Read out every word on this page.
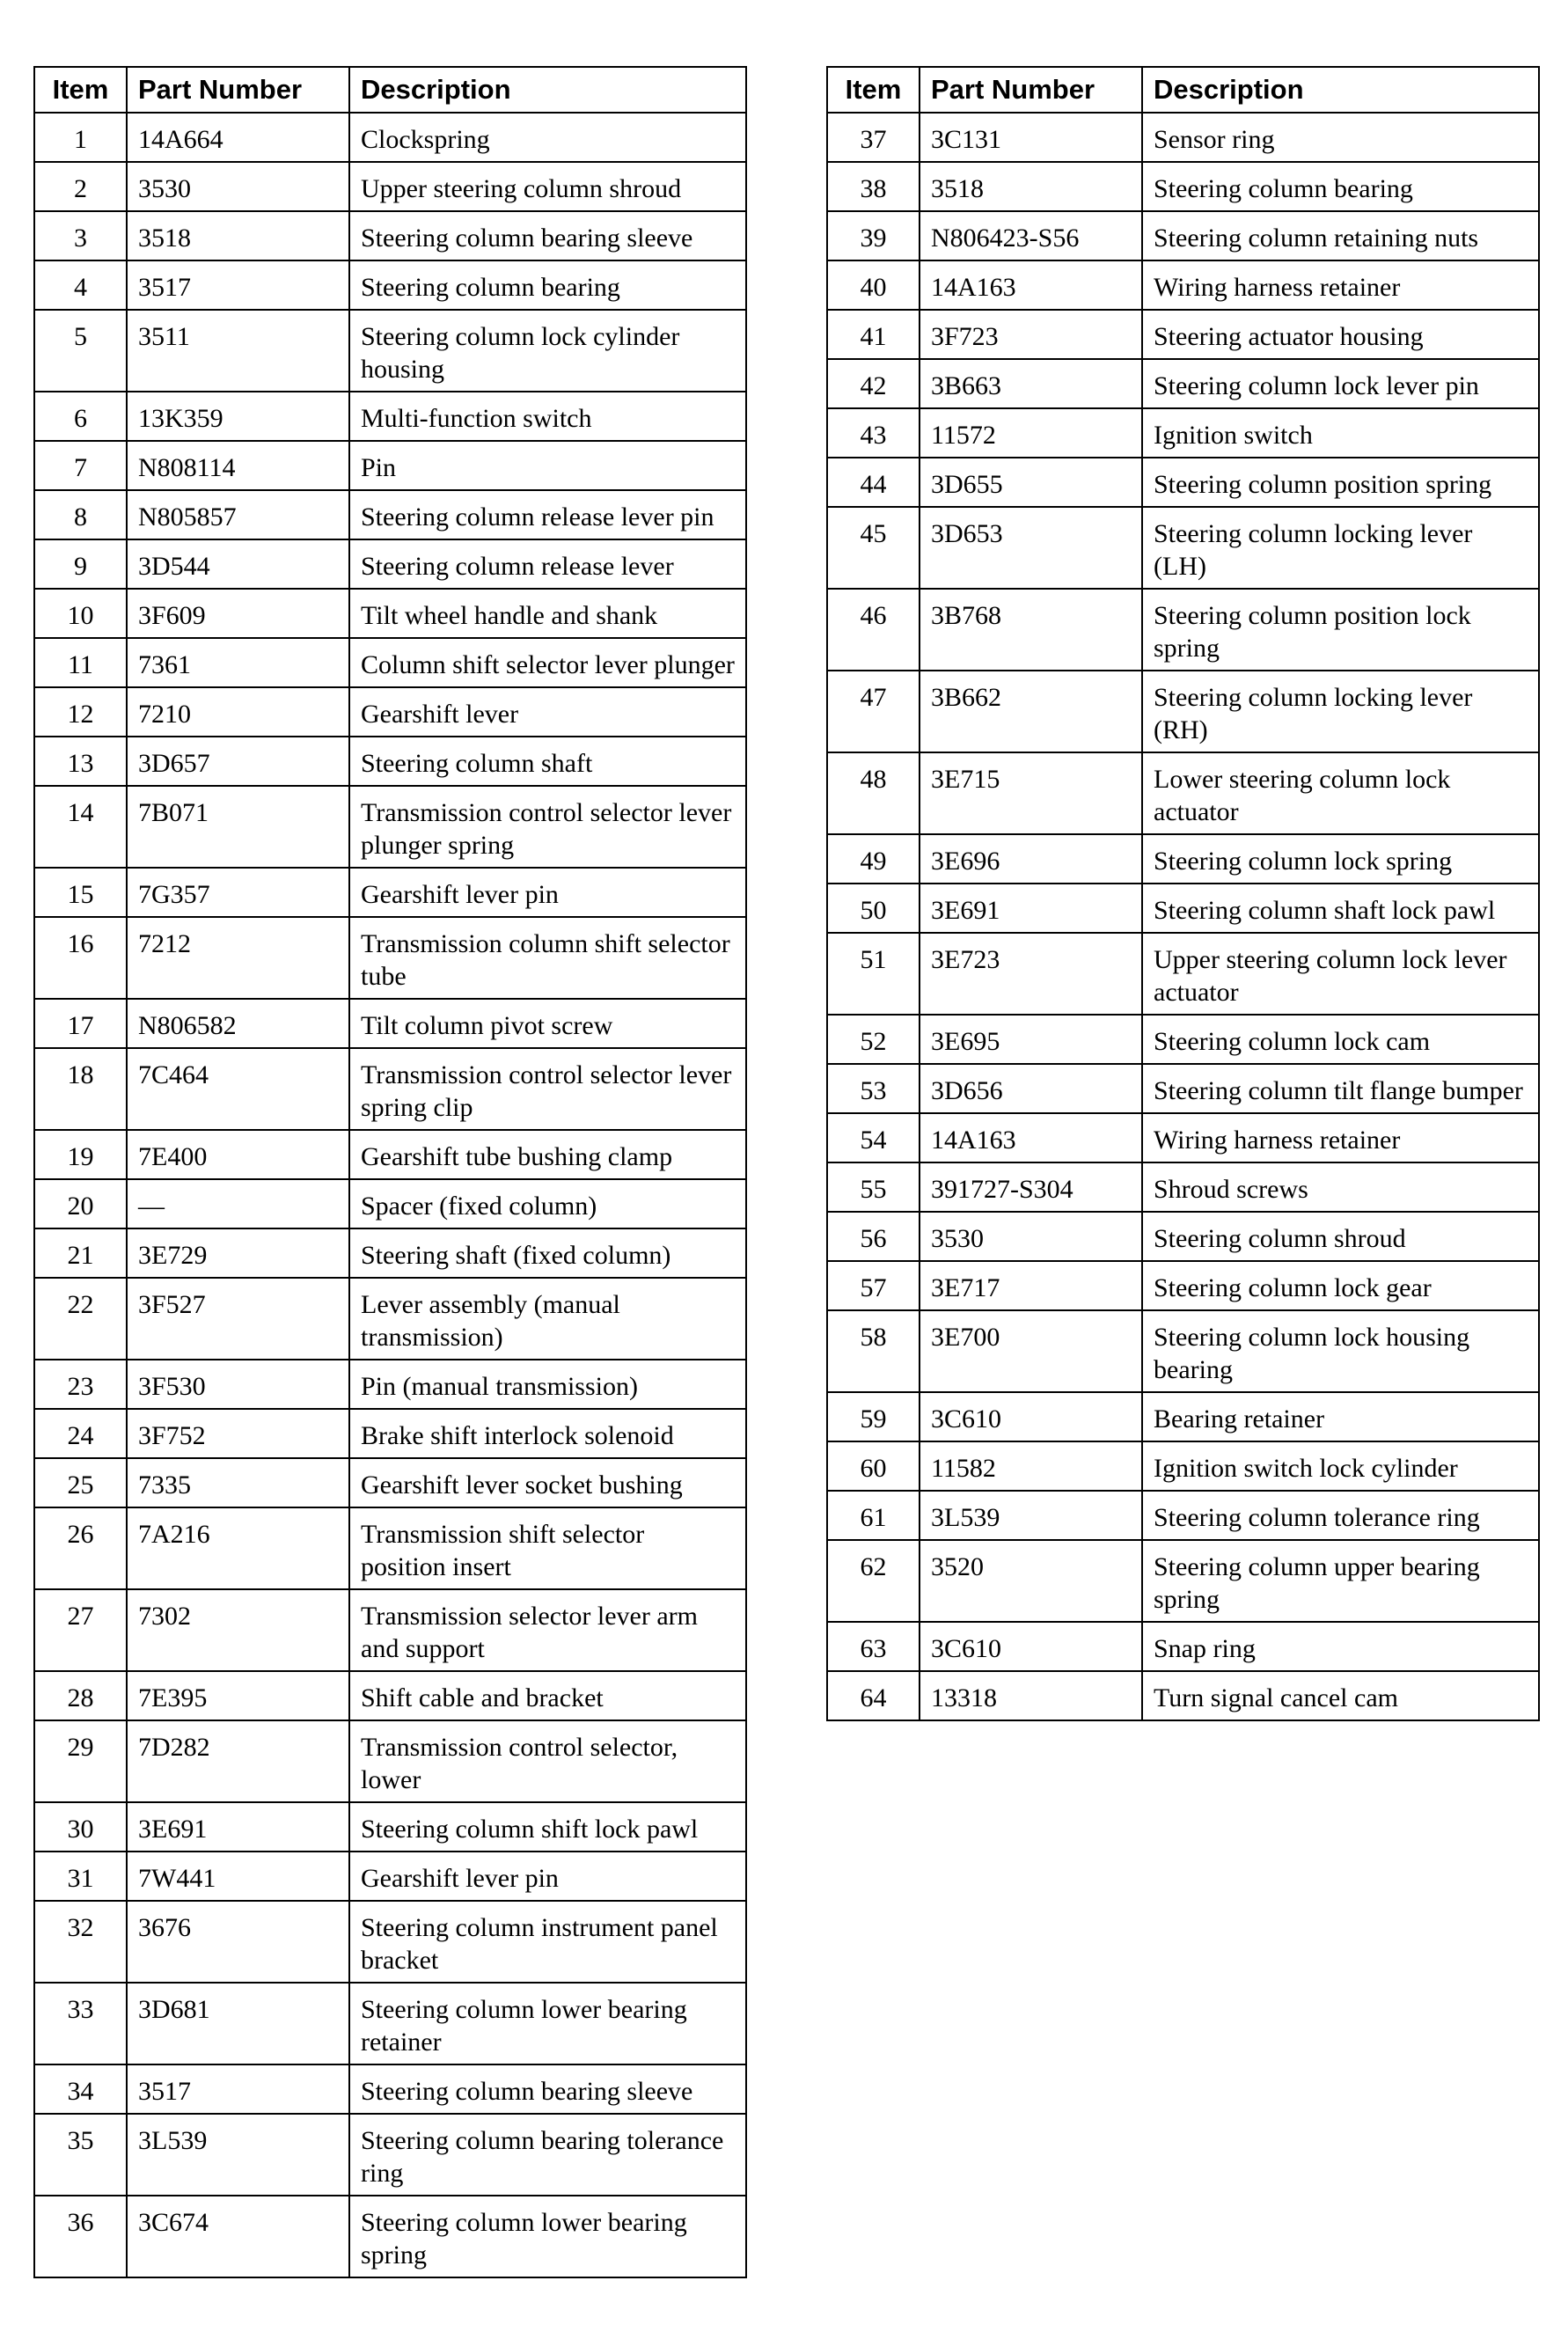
Item	Part Number	Description
1	14A664	Clockspring
2	3530	Upper steering column shroud
3	3518	Steering column bearing sleeve
4	3517	Steering column bearing
5	3511	Steering column lock cylinder housing
6	13K359	Multi-function switch
7	N808114	Pin
8	N805857	Steering column release lever pin
9	3D544	Steering column release lever
10	3F609	Tilt wheel handle and shank
11	7361	Column shift selector lever plunger
12	7210	Gearshift lever
13	3D657	Steering column shaft
14	7B071	Transmission control selector lever plunger spring
15	7G357	Gearshift lever pin
16	7212	Transmission column shift selector tube
17	N806582	Tilt column pivot screw
18	7C464	Transmission control selector lever spring clip
19	7E400	Gearshift tube bushing clamp
20	—	Spacer (fixed column)
21	3E729	Steering shaft (fixed column)
22	3F527	Lever assembly (manual transmission)
23	3F530	Pin (manual transmission)
24	3F752	Brake shift interlock solenoid
25	7335	Gearshift lever socket bushing
26	7A216	Transmission shift selector position insert
27	7302	Transmission selector lever arm and support
28	7E395	Shift cable and bracket
29	7D282	Transmission control selector, lower
30	3E691	Steering column shift lock pawl
31	7W441	Gearshift lever pin
32	3676	Steering column instrument panel bracket
33	3D681	Steering column lower bearing retainer
34	3517	Steering column bearing sleeve
35	3L539	Steering column bearing tolerance ring
36	3C674	Steering column lower bearing spring
Item	Part Number	Description
37	3C131	Sensor ring
38	3518	Steering column bearing
39	N806423-S56	Steering column retaining nuts
40	14A163	Wiring harness retainer
41	3F723	Steering actuator housing
42	3B663	Steering column lock lever pin
43	11572	Ignition switch
44	3D655	Steering column position spring
45	3D653	Steering column locking lever (LH)
46	3B768	Steering column position lock spring
47	3B662	Steering column locking lever (RH)
48	3E715	Lower steering column lock actuator
49	3E696	Steering column lock spring
50	3E691	Steering column shaft lock pawl
51	3E723	Upper steering column lock lever actuator
52	3E695	Steering column lock cam
53	3D656	Steering column tilt flange bumper
54	14A163	Wiring harness retainer
55	391727-S304	Shroud screws
56	3530	Steering column shroud
57	3E717	Steering column lock gear
58	3E700	Steering column lock housing bearing
59	3C610	Bearing retainer
60	11582	Ignition switch lock cylinder
61	3L539	Steering column tolerance ring
62	3520	Steering column upper bearing spring
63	3C610	Snap ring
64	13318	Turn signal cancel cam
